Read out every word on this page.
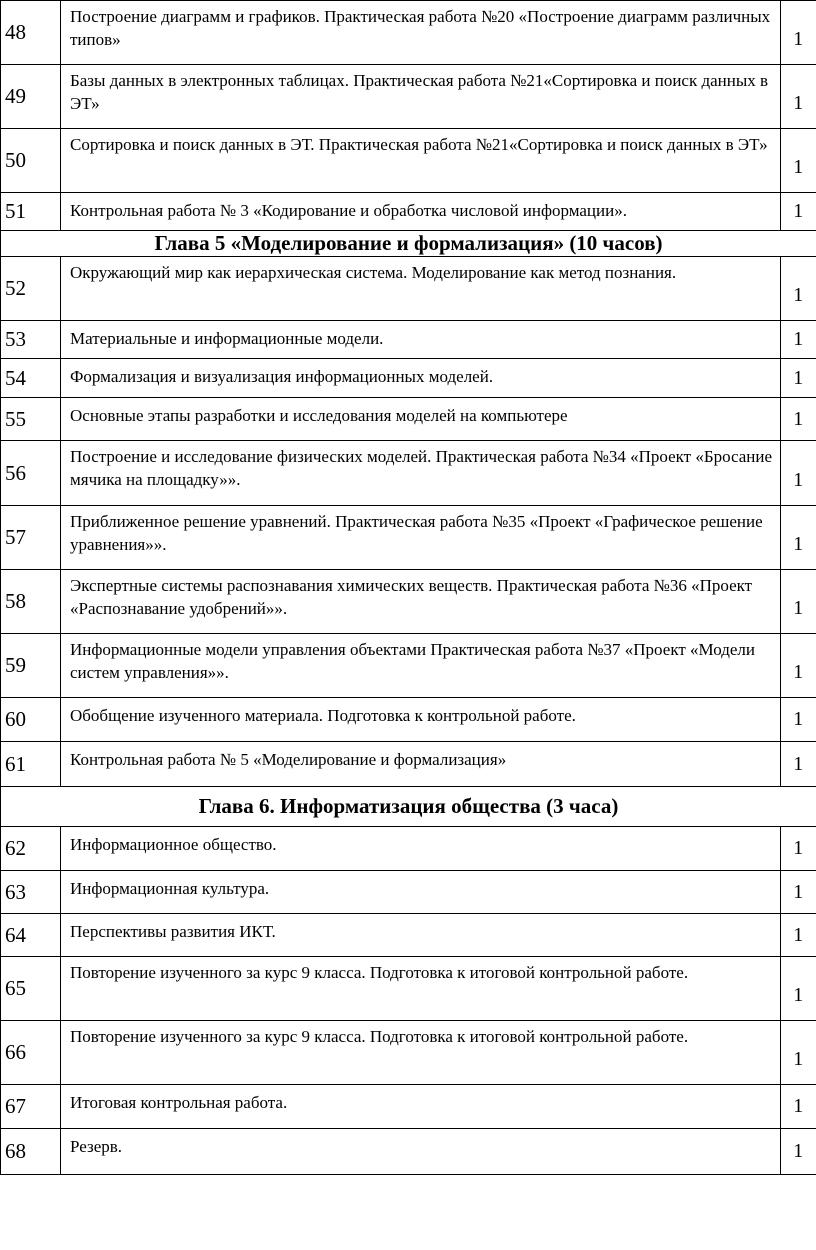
48	Построение диаграмм и графиков. Практическая работа №20 «Построение диаграмм различных типов»	1
49	Базы данных в электронных таблицах. Практическая работа №21«Сортировка и поиск данных в ЭТ»	1
50	Сортировка и поиск данных в ЭТ. Практическая работа №21«Сортировка и поиск данных в ЭТ»	1
51	Контрольная работа № 3 «Кодирование и обработка числовой информации».	1
Глава 5 «Моделирование и формализация» (10 часов)		
52	Окружающий мир как иерархическая система. Моделирование как метод познания.	1
53	Материальные и информационные модели.	1
54	Формализация и визуализация информационных моделей.	1
55	Основные этапы разработки и исследования моделей на компьютере	1
56	Построение и исследование физических моделей. Практическая работа №34 «Проект «Бросание мячика на площадку»».	1
57	Приближенное решение уравнений. Практическая работа №35 «Проект «Графическое решение уравнения»».	1
58	Экспертные системы распознавания химических веществ. Практическая работа №36 «Проект «Распознавание удобрений»».	1
59	Информационные модели управления объектами Практическая работа №37 «Проект «Модели систем управления»».	1
60	Обобщение изученного материала. Подготовка к контрольной работе.	1
61	Контрольная работа № 5 «Моделирование и формализация»	1
Глава 6. Информатизация общества (3 часа)		
62	Информационное общество.	1
63	Информационная культура.	1
64	Перспективы развития ИКТ.	1
65	Повторение изученного за курс 9 класса. Подготовка к итоговой контрольной работе.	1
66	Повторение изученного за курс 9 класса. Подготовка к итоговой контрольной работе.	1
67	Итоговая контрольная работа.	1
68	Резерв.	1
